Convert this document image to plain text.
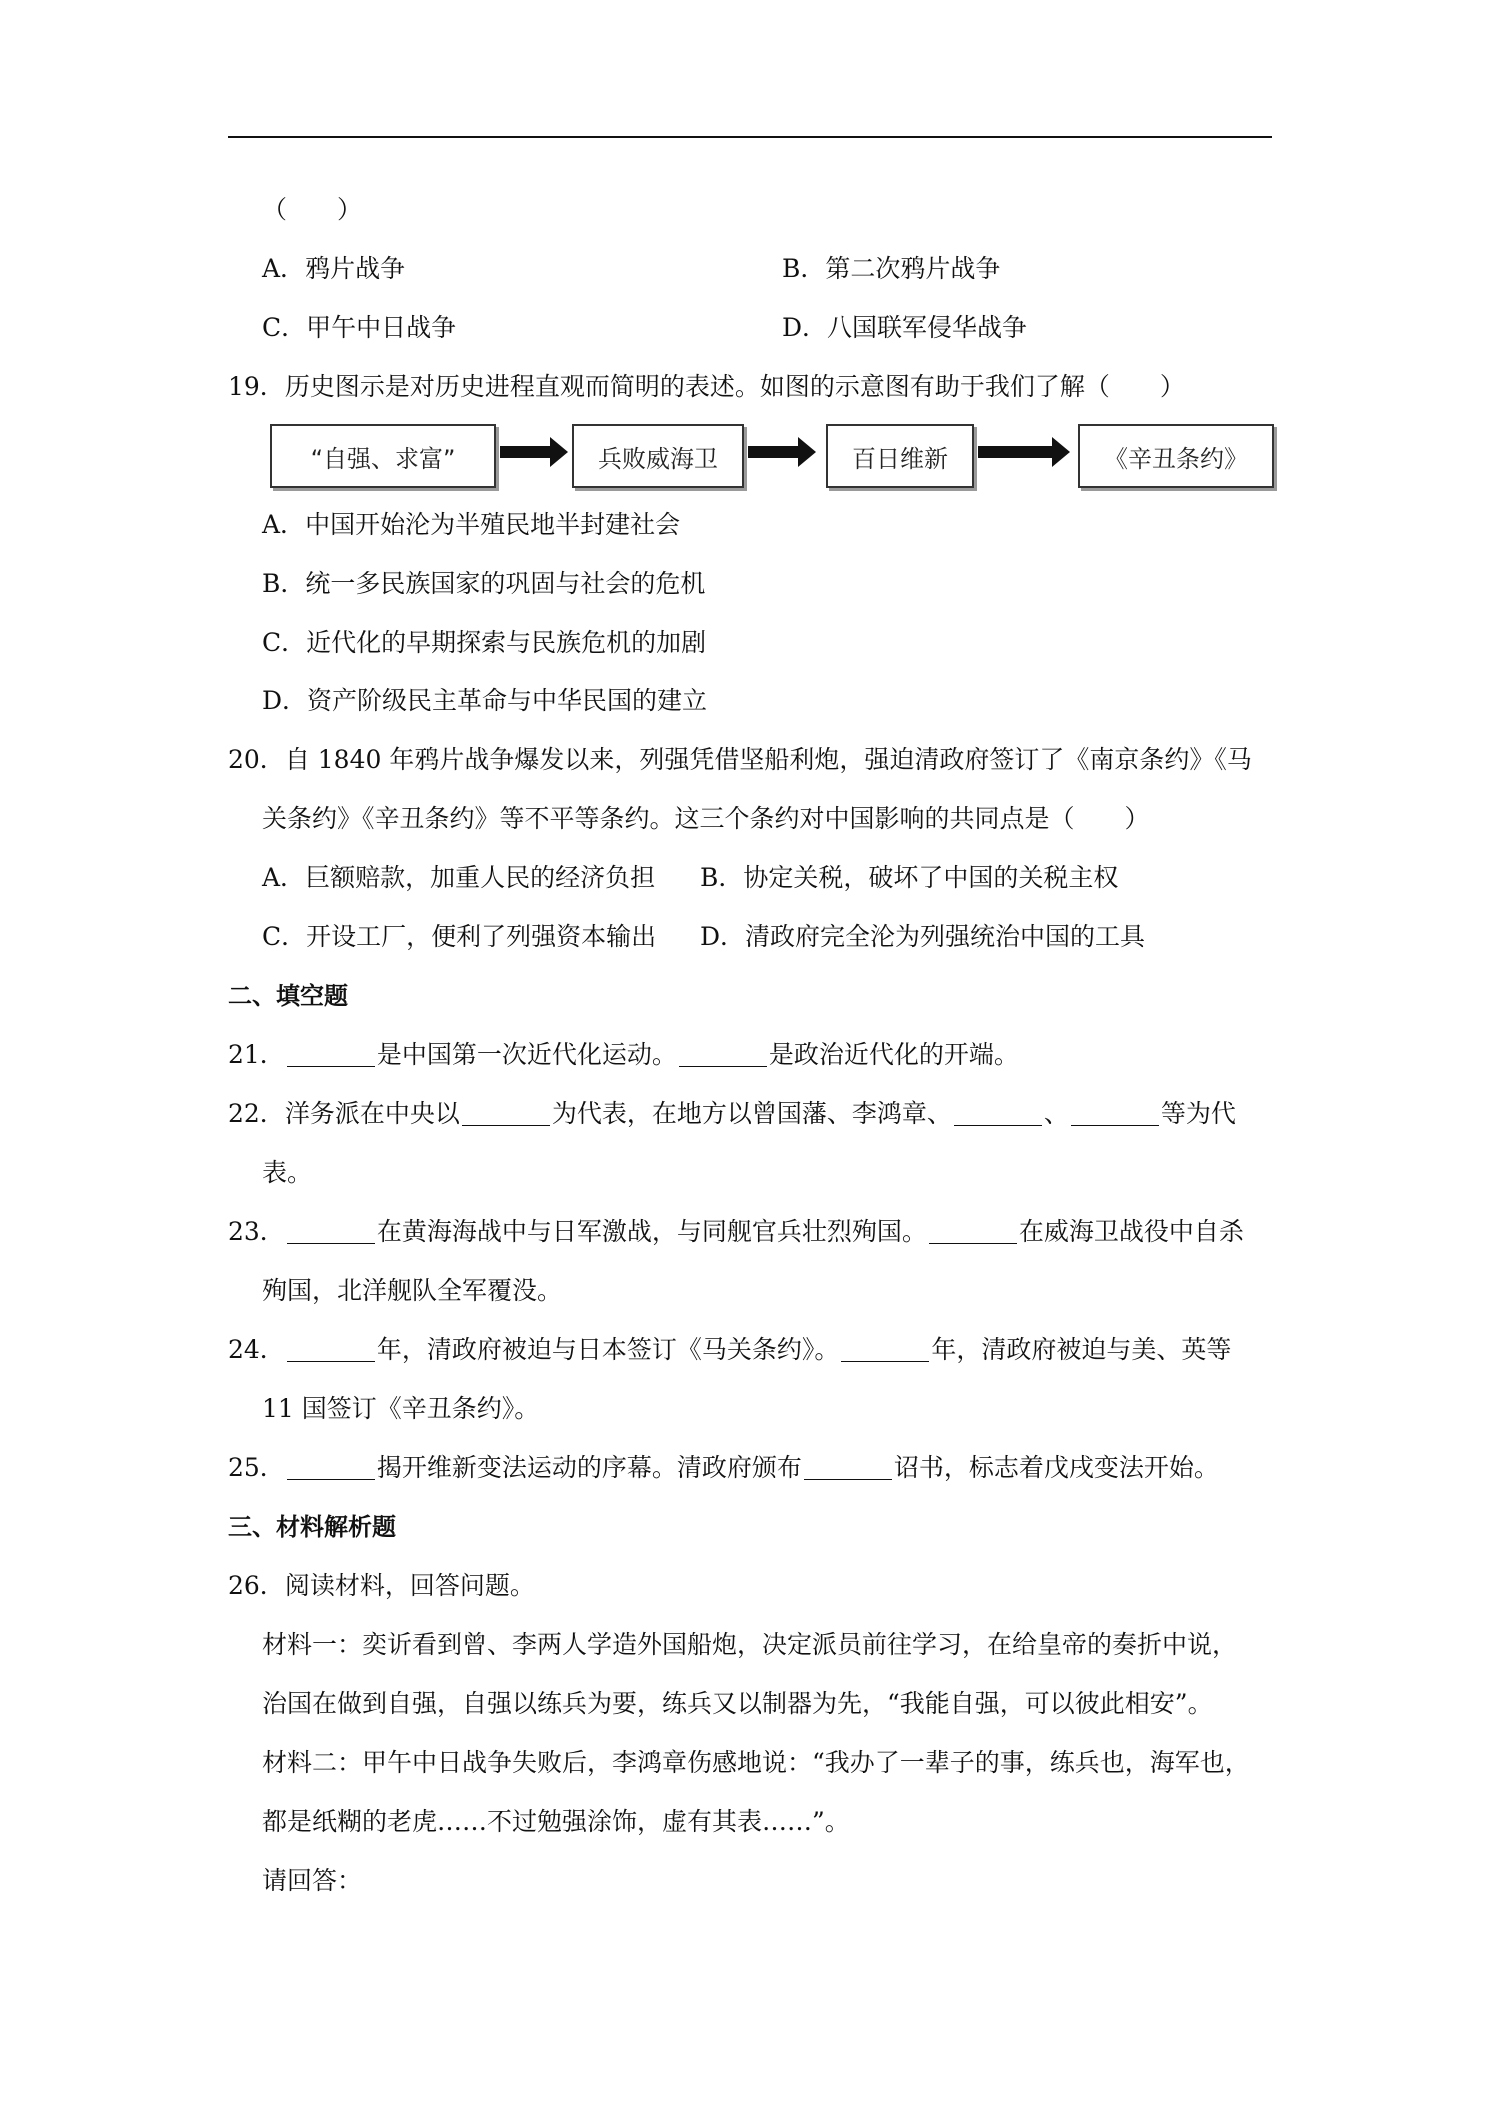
（　　）
A．鸦片战争	B．第二次鸦片战争
C．甲午中日战争	D．八国联军侵华战争
19．历史图示是对历史进程直观而简明的表述。如图的示意图有助于我们了解（　　）
“自强、求富”	兵败威海卫	百日维新	《辛丑条约》
A．中国开始沦为半殖民地半封建社会
B．统一多民族国家的巩固与社会的危机
C．近代化的早期探索与民族危机的加剧
D．资产阶级民主革命与中华民国的建立
20．自 1840 年鸦片战争爆发以来，列强凭借坚船利炮，强迫清政府签订了《南京条约》《马
关条约》《辛丑条约》等不平等条约。这三个条约对中国影响的共同点是（　　）
A．巨额赔款，加重人民的经济负担 B．协定关税，破坏了中国的关税主权
C．开设工厂，便利了列强资本输出 D．清政府完全沦为列强统治中国的工具
二、填空题
21．	是中国第一次近代化运动。	是政治近代化的开端。
22．洋务派在中央以	为代表，在地方以曾国藩、李鸿章、	、	等为代
表。
23．	在黄海海战中与日军激战，与同舰官兵壮烈殉国。	在威海卫战役中自杀
殉国，北洋舰队全军覆没。
24．	年，清政府被迫与日本签订《马关条约》。	年，清政府被迫与美、英等
11 国签订《辛丑条约》。
25．	揭开维新变法运动的序幕。清政府颁布	诏书，标志着戊戌变法开始。
三、材料解析题
26．阅读材料，回答问题。
材料一：奕䜣看到曾、李两人学造外国船炮，决定派员前往学习，在给皇帝的奏折中说，
治国在做到自强，自强以练兵为要，练兵又以制器为先，“我能自强，可以彼此相安”。
材料二：甲午中日战争失败后，李鸿章伤感地说：“我办了一辈子的事，练兵也，海军也，
都是纸糊的老虎……不过勉强涂饰，虚有其表……”。
请回答：
